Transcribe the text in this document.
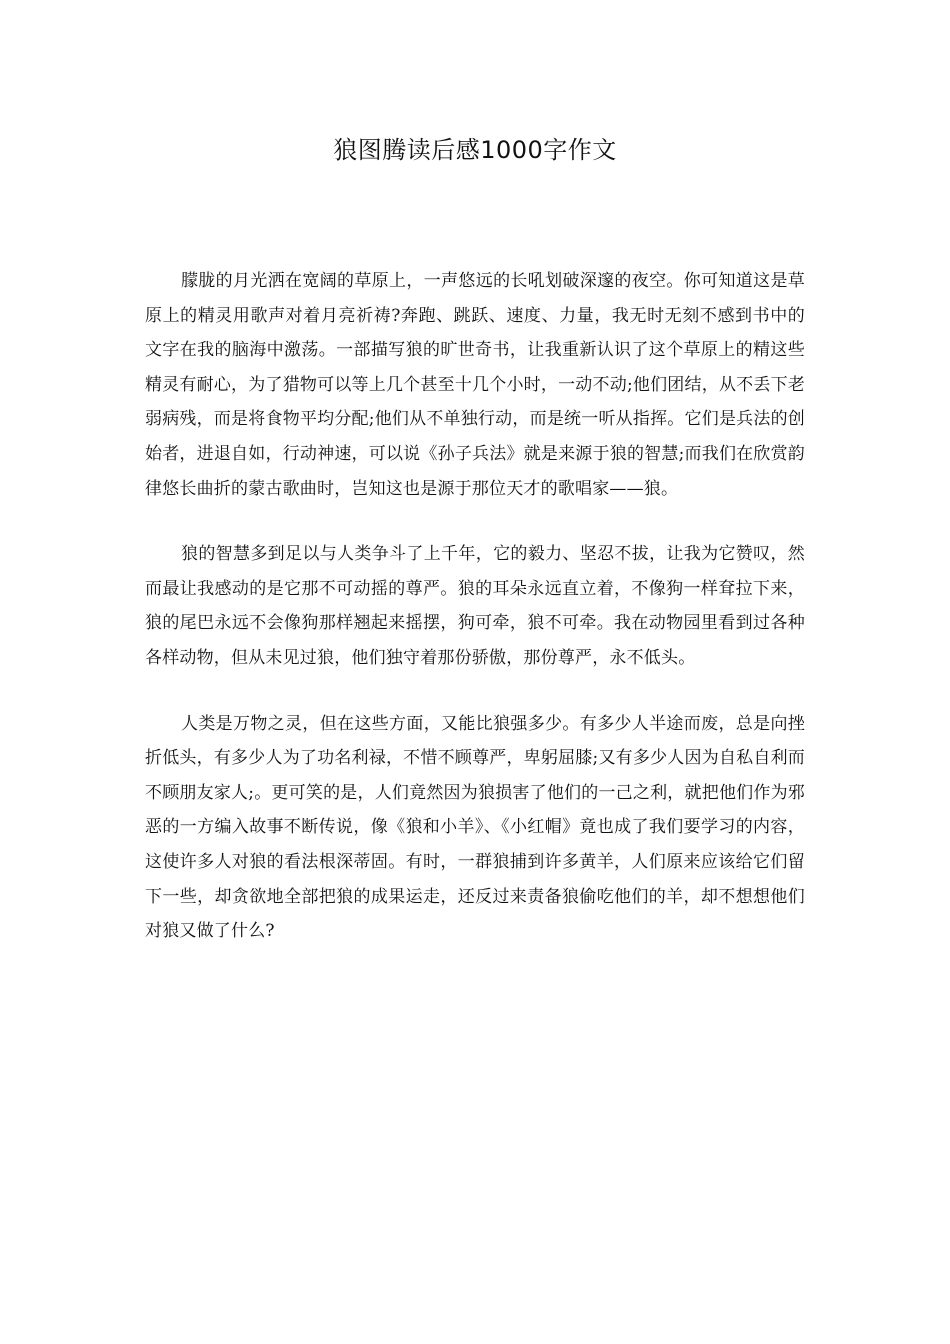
狼图腾读后感1000字作文

朦胧的月光洒在宽阔的草原上，一声悠远的长吼划破深邃的夜空。你可知道这是草原上的精灵用歌声对着月亮祈祷?奔跑、跳跃、速度、力量，我无时无刻不感到书中的文字在我的脑海中激荡。一部描写狼的旷世奇书，让我重新认识了这个草原上的精这些精灵有耐心，为了猎物可以等上几个甚至十几个小时，一动不动;他们团结，从不丢下老弱病残，而是将食物平均分配;他们从不单独行动，而是统一听从指挥。它们是兵法的创始者，进退自如，行动神速，可以说《孙子兵法》就是来源于狼的智慧;而我们在欣赏韵律悠长曲折的蒙古歌曲时，岂知这也是源于那位天才的歌唱家——狼。

狼的智慧多到足以与人类争斗了上千年，它的毅力、坚忍不拔，让我为它赞叹，然而最让我感动的是它那不可动摇的尊严。狼的耳朵永远直立着，不像狗一样耷拉下来，狼的尾巴永远不会像狗那样翘起来摇摆，狗可牵，狼不可牵。我在动物园里看到过各种各样动物，但从未见过狼，他们独守着那份骄傲，那份尊严，永不低头。

人类是万物之灵，但在这些方面，又能比狼强多少。有多少人半途而废，总是向挫折低头，有多少人为了功名利禄，不惜不顾尊严，卑躬屈膝;又有多少人因为自私自利而不顾朋友家人;。更可笑的是，人们竟然因为狼损害了他们的一己之利，就把他们作为邪恶的一方编入故事不断传说，像《狼和小羊》、《小红帽》竟也成了我们要学习的内容，这使许多人对狼的看法根深蒂固。有时，一群狼捕到许多黄羊，人们原来应该给它们留下一些，却贪欲地全部把狼的成果运走，还反过来责备狼偷吃他们的羊，却不想想他们对狼又做了什么?
